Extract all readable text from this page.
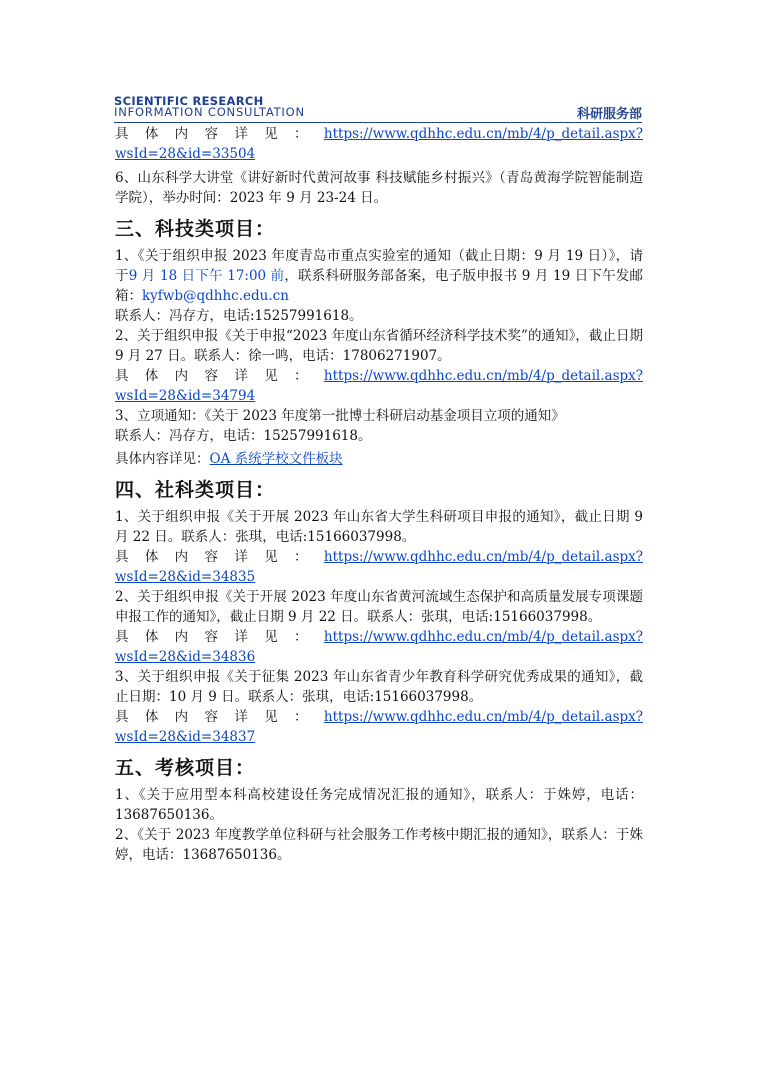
SCIENTIFIC RESEARCH
INFORMATION CONSULTATION	科研服务部

具体内容详见：https://www.qdhhc.edu.cn/mb/4/p_detail.aspx?wsId=28&id=33504

6、山东科学大讲堂《讲好新时代黄河故事 科技赋能乡村振兴》（青岛黄海学院智能制造学院），举办时间：2023 年 9 月 23-24 日。

三、科技类项目：

1、《关于组织申报 2023 年度青岛市重点实验室的通知（截止日期：9 月 19 日）》，请于9 月 18 日下午 17:00 前，联系科研服务部备案，电子版申报书 9 月 19 日下午发邮箱：kyfwb@qdhhc.edu.cn

联系人：冯存方，电话:15257991618。

2、关于组织申报《关于申报“2023 年度山东省循环经济科学技术奖”的通知》，截止日期 9 月 27 日。联系人：徐一鸣，电话：17806271907。

具体内容详见：https://www.qdhhc.edu.cn/mb/4/p_detail.aspx?wsId=28&id=34794

3、立项通知：《关于 2023 年度第一批博士科研启动基金项目立项的通知》

联系人：冯存方，电话：15257991618。

具体内容详见：OA 系统学校文件板块

四、社科类项目：

1、关于组织申报《关于开展 2023 年山东省大学生科研项目申报的通知》，截止日期 9 月 22 日。联系人：张琪，电话:15166037998。

具体内容详见：https://www.qdhhc.edu.cn/mb/4/p_detail.aspx?wsId=28&id=34835

2、关于组织申报《关于开展 2023 年度山东省黄河流域生态保护和高质量发展专项课题申报工作的通知》，截止日期 9 月 22 日。联系人：张琪，电话:15166037998。

具体内容详见：https://www.qdhhc.edu.cn/mb/4/p_detail.aspx?wsId=28&id=34836

3、关于组织申报《关于征集 2023 年山东省青少年教育科学研究优秀成果的通知》，截止日期：10 月 9 日。联系人：张琪，电话:15166037998。

具体内容详见：https://www.qdhhc.edu.cn/mb/4/p_detail.aspx?wsId=28&id=34837

五、考核项目：

1、《关于应用型本科高校建设任务完成情况汇报的通知》，联系人：于姝婷，电话：13687650136。

2、《关于 2023 年度教学单位科研与社会服务工作考核中期汇报的通知》，联系人：于姝婷，电话：13687650136。
